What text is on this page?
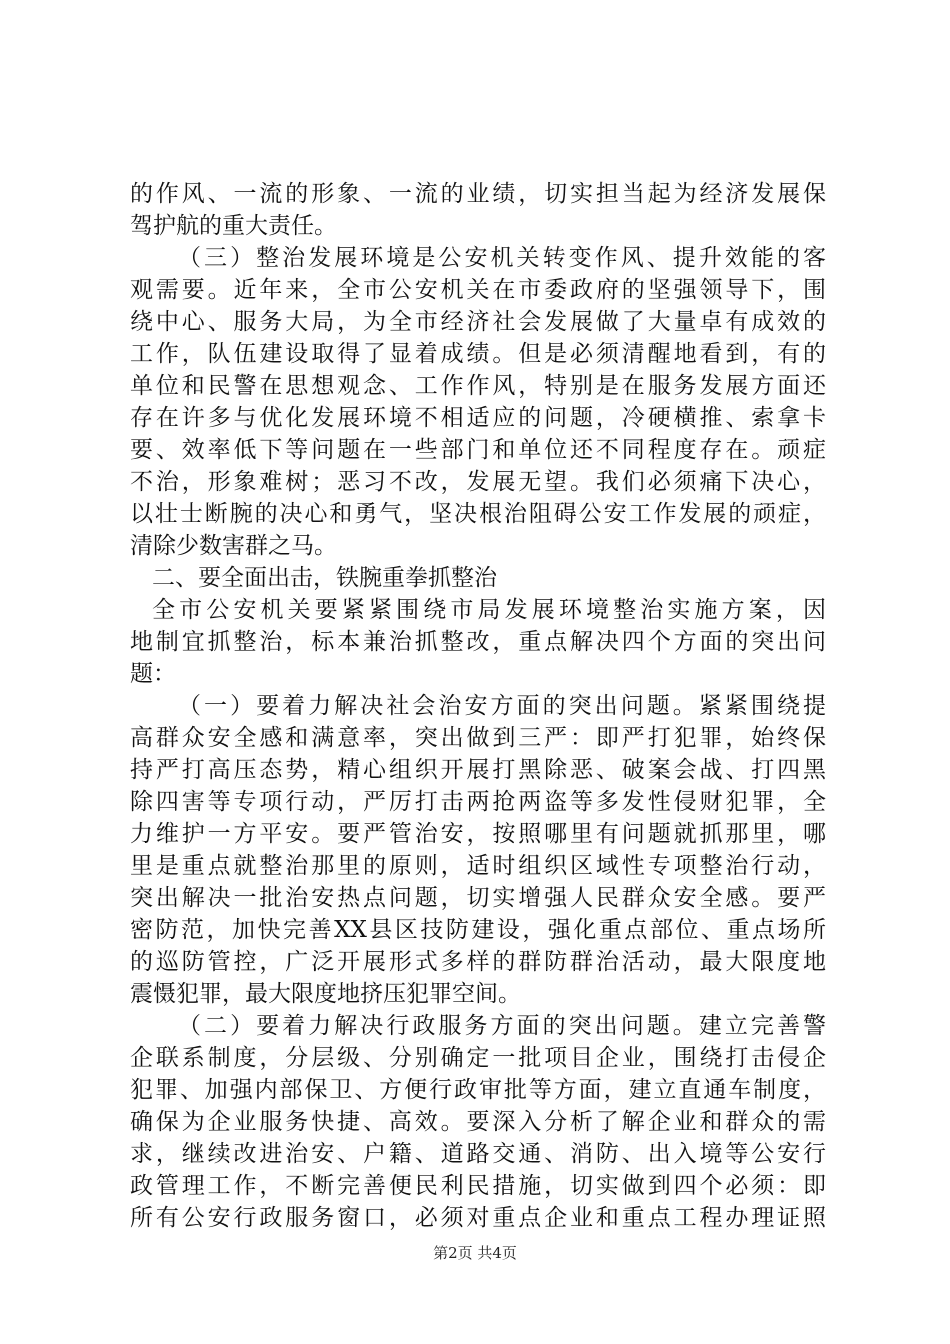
的作风、一流的形象、一流的业绩，切实担当起为经济发展保
驾护航的重大责任。
（三）整治发展环境是公安机关转变作风、提升效能的客
观需要。近年来，全市公安机关在市委政府的坚强领导下，围
绕中心、服务大局，为全市经济社会发展做了大量卓有成效的
工作，队伍建设取得了显着成绩。但是必须清醒地看到，有的
单位和民警在思想观念、工作作风，特别是在服务发展方面还
存在许多与优化发展环境不相适应的问题，冷硬横推、索拿卡
要、效率低下等问题在一些部门和单位还不同程度存在。顽症
不治，形象难树；恶习不改，发展无望。我们必须痛下决心，
以壮士断腕的决心和勇气，坚决根治阻碍公安工作发展的顽症，
清除少数害群之马。
二、要全面出击，铁腕重拳抓整治
全市公安机关要紧紧围绕市局发展环境整治实施方案，因
地制宜抓整治，标本兼治抓整改，重点解决四个方面的突出问
题：
（一）要着力解决社会治安方面的突出问题。紧紧围绕提
高群众安全感和满意率，突出做到三严：即严打犯罪，始终保
持严打高压态势，精心组织开展打黑除恶、破案会战、打四黑
除四害等专项行动，严厉打击两抢两盗等多发性侵财犯罪，全
力维护一方平安。要严管治安，按照哪里有问题就抓那里，哪
里是重点就整治那里的原则，适时组织区域性专项整治行动，
突出解决一批治安热点问题，切实增强人民群众安全感。要严
密防范，加快完善XX县区技防建设，强化重点部位、重点场所
的巡防管控，广泛开展形式多样的群防群治活动，最大限度地
震慑犯罪，最大限度地挤压犯罪空间。
（二）要着力解决行政服务方面的突出问题。建立完善警
企联系制度，分层级、分别确定一批项目企业，围绕打击侵企
犯罪、加强内部保卫、方便行政审批等方面，建立直通车制度，
确保为企业服务快捷、高效。要深入分析了解企业和群众的需
求，继续改进治安、户籍、道路交通、消防、出入境等公安行
政管理工作，不断完善便民利民措施，切实做到四个必须：即
所有公安行政服务窗口，必须对重点企业和重点工程办理证照
第2页 共4页
